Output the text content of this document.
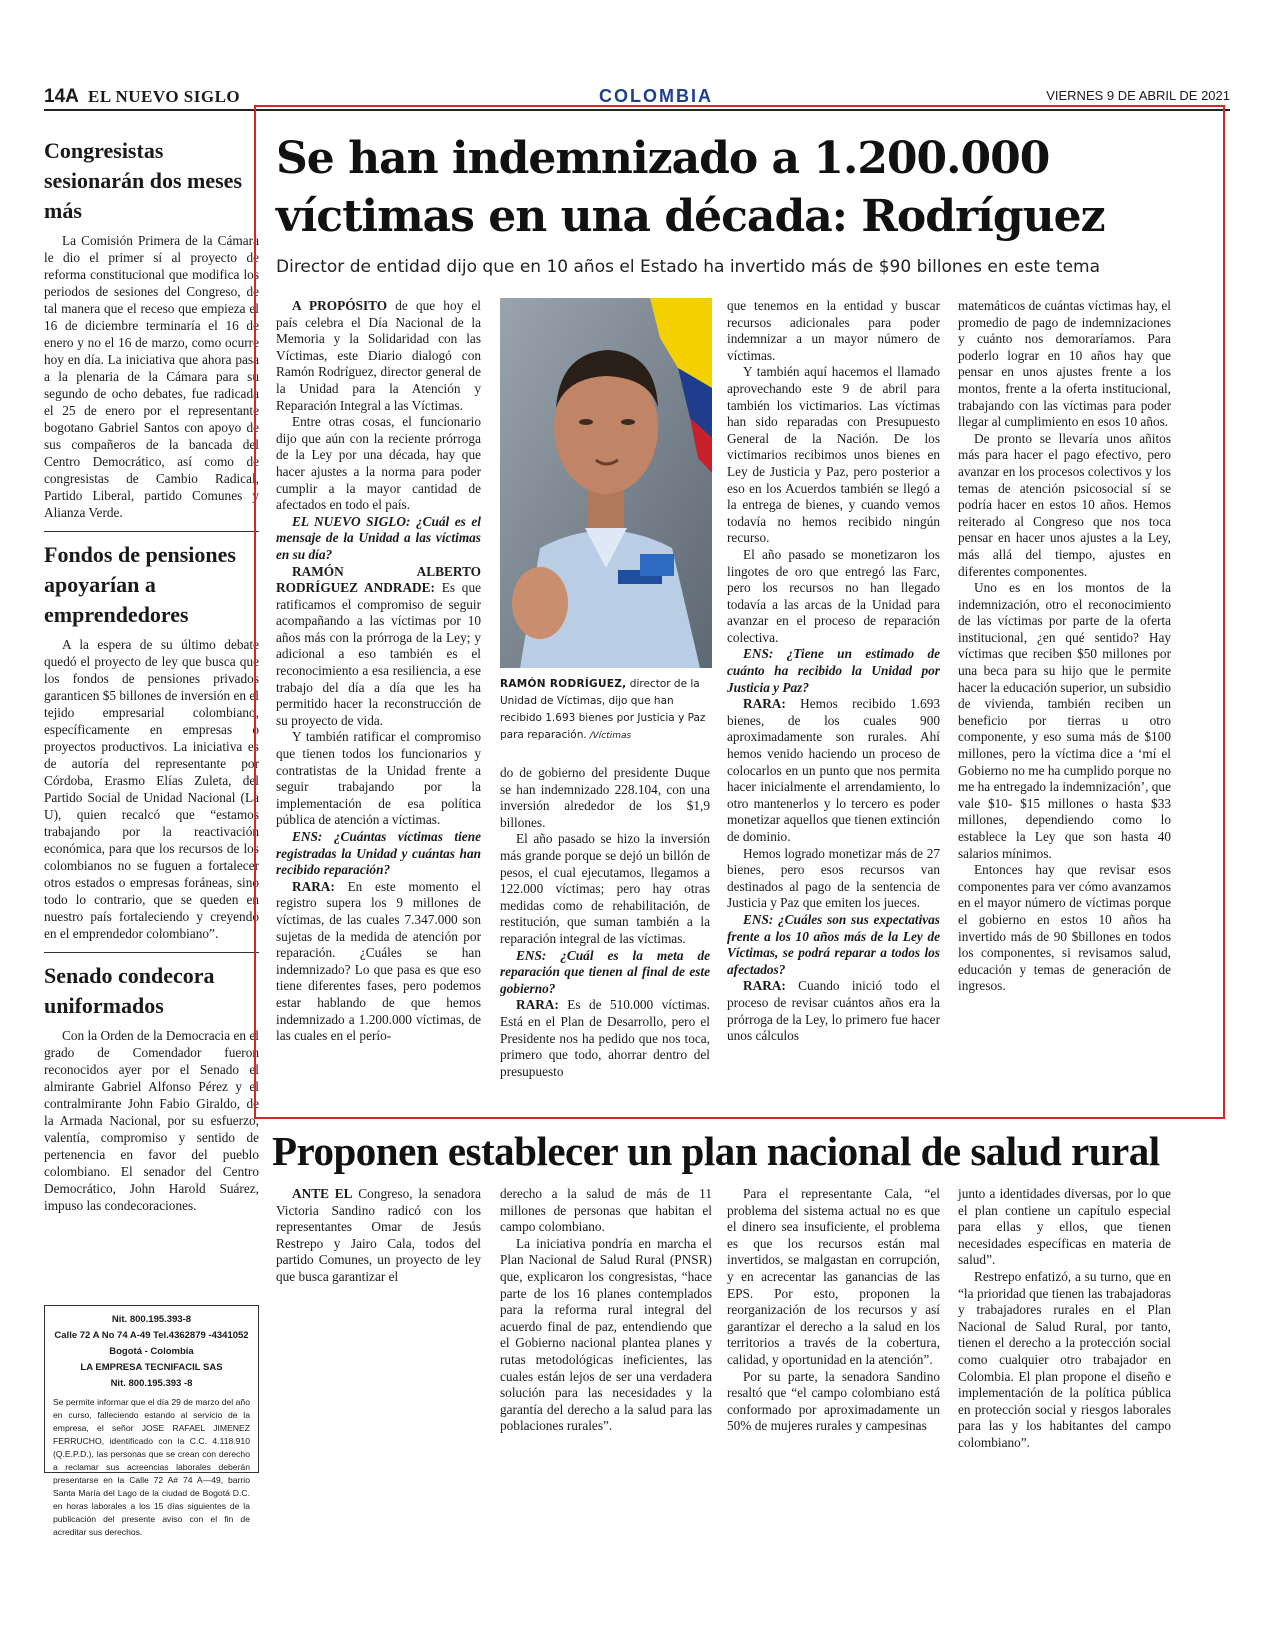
14A EL NUEVO SIGLO	COLOMBIA	VIERNES 9 DE ABRIL DE 2021
Congresistas sesionarán dos meses más
La Comisión Primera de la Cámara le dio el primer sí al proyecto de reforma constitucional que modifica los periodos de sesiones del Congreso, de tal manera que el receso que empieza el 16 de diciembre terminaría el 16 de enero y no el 16 de marzo, como ocurre hoy en día. La iniciativa que ahora pasa a la plenaria de la Cámara para su segundo de ocho debates, fue radicada el 25 de enero por el representante bogotano Gabriel Santos con apoyo de sus compañeros de la bancada del Centro Democrático, así como de congresistas de Cambio Radical, Partido Liberal, partido Comunes y Alianza Verde.
Fondos de pensiones apoyarían a emprendedores
A la espera de su último debate quedó el proyecto de ley que busca que los fondos de pensiones privados garanticen $5 billones de inversión en el tejido empresarial colombiano, específicamente en empresas o proyectos productivos. La iniciativa es de autoría del representante por Córdoba, Erasmo Elías Zuleta, del Partido Social de Unidad Nacional (La U), quien recalcó que “estamos trabajando por la reactivación económica, para que los recursos de los colombianos no se fuguen a fortalecer otros estados o empresas foráneas, sino todo lo contrario, que se queden en nuestro país fortaleciendo y creyendo en el emprendedor colombiano”.
Senado condecora uniformados
Con la Orden de la Democracia en el grado de Comendador fueron reconocidos ayer por el Senado el almirante Gabriel Alfonso Pérez y el contralmirante John Fabio Giraldo, de la Armada Nacional, por su esfuerzo, valentía, compromiso y sentido de pertenencia en favor del pueblo colombiano. El senador del Centro Democrático, John Harold Suárez, impuso las condecoraciones.
Nit. 800.195.393-8
Calle 72 A No 74 A-49 Tel.4362879 -4341052 Bogotá - Colombia
LA EMPRESA TECNIFACIL SAS
Nit. 800.195.393 -8
Se permite informar que el día 29 de marzo del año en curso, falleciendo estando al servicio de la empresa, el señor JOSE RAFAEL JIMENEZ FERRUCHO, identificado con la C.C. 4.118.910 (Q.E.P.D.), las personas que se crean con derecho a reclamar sus acreencias laborales deberán presentarse en la Calle 72 A# 74 A—49, barrio Santa María del Lago de la ciudad de Bogotá D.C. en horas laborales a los 15 días siguientes de la publicación del presente aviso con el fin de acreditar sus derechos.
Se han indemnizado a 1.200.000 víctimas en una década: Rodríguez
Director de entidad dijo que en 10 años el Estado ha invertido más de $90 billones en este tema

A PROPÓSITO de que hoy el país celebra el Día Nacional de la Memoria y la Solidaridad con las Víctimas, este Diario dialogó con Ramón Rodríguez, director general de la Unidad para la Atención y Reparación Integral a las Víctimas.

Entre otras cosas, el funcionario dijo que aún con la reciente prórroga de la Ley por una década, hay que hacer ajustes a la norma para poder cumplir a la mayor cantidad de afectados en todo el país.

EL NUEVO SIGLO: ¿Cuál es el mensaje de la Unidad a las víctimas en su día?

RAMÓN ALBERTO RODRÍGUEZ ANDRADE: Es que ratificamos el compromiso de seguir acompañando a las víctimas por 10 años más con la prórroga de la Ley; y adicional a eso también es el reconocimiento a esa resiliencia, a ese trabajo del día a día que les ha permitido hacer la reconstrucción de su proyecto de vida.

Y también ratificar el compromiso que tienen todos los funcionarios y contratistas de la Unidad frente a seguir trabajando por la implementación de esa política pública de atención a víctimas.

ENS: ¿Cuántas víctimas tiene registradas la Unidad y cuántas han recibido reparación?

RARA: En este momento el registro supera los 9 millones de víctimas, de las cuales 7.347.000 son sujetas de la medida de atención por reparación. ¿Cuáles se han indemnizado? Lo que pasa es que eso tiene diferentes fases, pero podemos estar hablando de que hemos indemnizado a 1.200.000 víctimas, de las cuales en el perío-

RAMÓN RODRÍGUEZ, director de la Unidad de Víctimas, dijo que han recibido 1.693 bienes por Justicia y Paz para reparación. /Víctimas

do de gobierno del presidente Duque se han indemnizado 228.104, con una inversión alrededor de los $1,9 billones.

El año pasado se hizo la inversión más grande porque se dejó un billón de pesos, el cual ejecutamos, llegamos a 122.000 víctimas; pero hay otras medidas como de rehabilitación, de restitución, que suman también a la reparación integral de las víctimas.

ENS: ¿Cuál es la meta de reparación que tienen al final de este gobierno?

RARA: Es de 510.000 víctimas. Está en el Plan de Desarrollo, pero el Presidente nos ha pedido que nos toca, primero que todo, ahorrar dentro del presupuesto

que tenemos en la entidad y buscar recursos adicionales para poder indemnizar a un mayor número de víctimas.

Y también aquí hacemos el llamado aprovechando este 9 de abril para también los victimarios. Las víctimas han sido reparadas con Presupuesto General de la Nación. De los victimarios recibimos unos bienes en Ley de Justicia y Paz, pero posterior a eso en los Acuerdos también se llegó a la entrega de bienes, y cuando vemos todavía no hemos recibido ningún recurso.

El año pasado se monetizaron los lingotes de oro que entregó las Farc, pero los recursos no han llegado todavía a las arcas de la Unidad para avanzar en el proceso de reparación colectiva.

ENS: ¿Tiene un estimado de cuánto ha recibido la Unidad por Justicia y Paz?

RARA: Hemos recibido 1.693 bienes, de los cuales 900 aproximadamente son rurales. Ahí hemos venido haciendo un proceso de colocarlos en un punto que nos permita hacer inicialmente el arrendamiento, lo otro mantenerlos y lo tercero es poder monetizar aquellos que tienen extinción de dominio.

Hemos logrado monetizar más de 27 bienes, pero esos recursos van destinados al pago de la sentencia de Justicia y Paz que emiten los jueces.

ENS: ¿Cuáles son sus expectativas frente a los 10 años más de la Ley de Víctimas, se podrá reparar a todos los afectados?

RARA: Cuando inició todo el proceso de revisar cuántos años era la prórroga de la Ley, lo primero fue hacer unos cálculos

matemáticos de cuántas víctimas hay, el promedio de pago de indemnizaciones y cuánto nos demoraríamos. Para poderlo lograr en 10 años hay que pensar en unos ajustes frente a los montos, frente a la oferta institucional, trabajando con las víctimas para poder llegar al cumplimiento en esos 10 años.

De pronto se llevaría unos añitos más para hacer el pago efectivo, pero avanzar en los procesos colectivos y los temas de atención psicosocial sí se podría hacer en estos 10 años. Hemos reiterado al Congreso que nos toca pensar en hacer unos ajustes a la Ley, más allá del tiempo, ajustes en diferentes componentes.

Uno es en los montos de la indemnización, otro el reconocimiento de las víctimas por parte de la oferta institucional, ¿en qué sentido? Hay víctimas que reciben $50 millones por una beca para su hijo que le permite hacer la educación superior, un subsidio de vivienda, también reciben un beneficio por tierras u otro componente, y eso suma más de $100 millones, pero la víctima dice a ‘mí el Gobierno no me ha cumplido porque no me ha entregado la indemnización’, que vale $10- $15 millones o hasta $33 millones, dependiendo como lo establece la Ley que son hasta 40 salarios mínimos.

Entonces hay que revisar esos componentes para ver cómo avanzamos en el mayor número de víctimas porque el gobierno en estos 10 años ha invertido más de 90 $billones en todos los componentes, si revisamos salud, educación y temas de generación de ingresos.

Proponen establecer un plan nacional de salud rural

ANTE EL Congreso, la senadora Victoria Sandino radicó con los representantes Omar de Jesús Restrepo y Jairo Cala, todos del partido Comunes, un proyecto de ley que busca garantizar el

derecho a la salud de más de 11 millones de personas que habitan el campo colombiano.

La iniciativa pondría en marcha el Plan Nacional de Salud Rural (PNSR) que, explicaron los congresistas, “hace parte de los 16 planes contemplados para la reforma rural integral del acuerdo final de paz, entendiendo que el Gobierno nacional plantea planes y rutas metodológicas ineficientes, las cuales están lejos de ser una verdadera solución para las necesidades y la garantía del derecho a la salud para las poblaciones rurales”.

Para el representante Cala, “el problema del sistema actual no es que el dinero sea insuficiente, el problema es que los recursos están mal invertidos, se malgastan en corrupción, y en acrecentar las ganancias de las EPS. Por esto, proponen la reorganización de los recursos y así garantizar el derecho a la salud en los territorios a través de la cobertura, calidad, y oportunidad en la atención”.

Por su parte, la senadora Sandino resaltó que “el campo colombiano está conformado por aproximadamente un 50% de mujeres rurales y campesinas

junto a identidades diversas, por lo que el plan contiene un capítulo especial para ellas y ellos, que tienen necesidades específicas en materia de salud”.

Restrepo enfatizó, a su turno, que en “la prioridad que tienen las trabajadoras y trabajadores rurales en el Plan Nacional de Salud Rural, por tanto, tienen el derecho a la protección social como cualquier otro trabajador en Colombia. El plan propone el diseño e implementación de la política pública en protección social y riesgos laborales para las y los habitantes del campo colombiano”.
